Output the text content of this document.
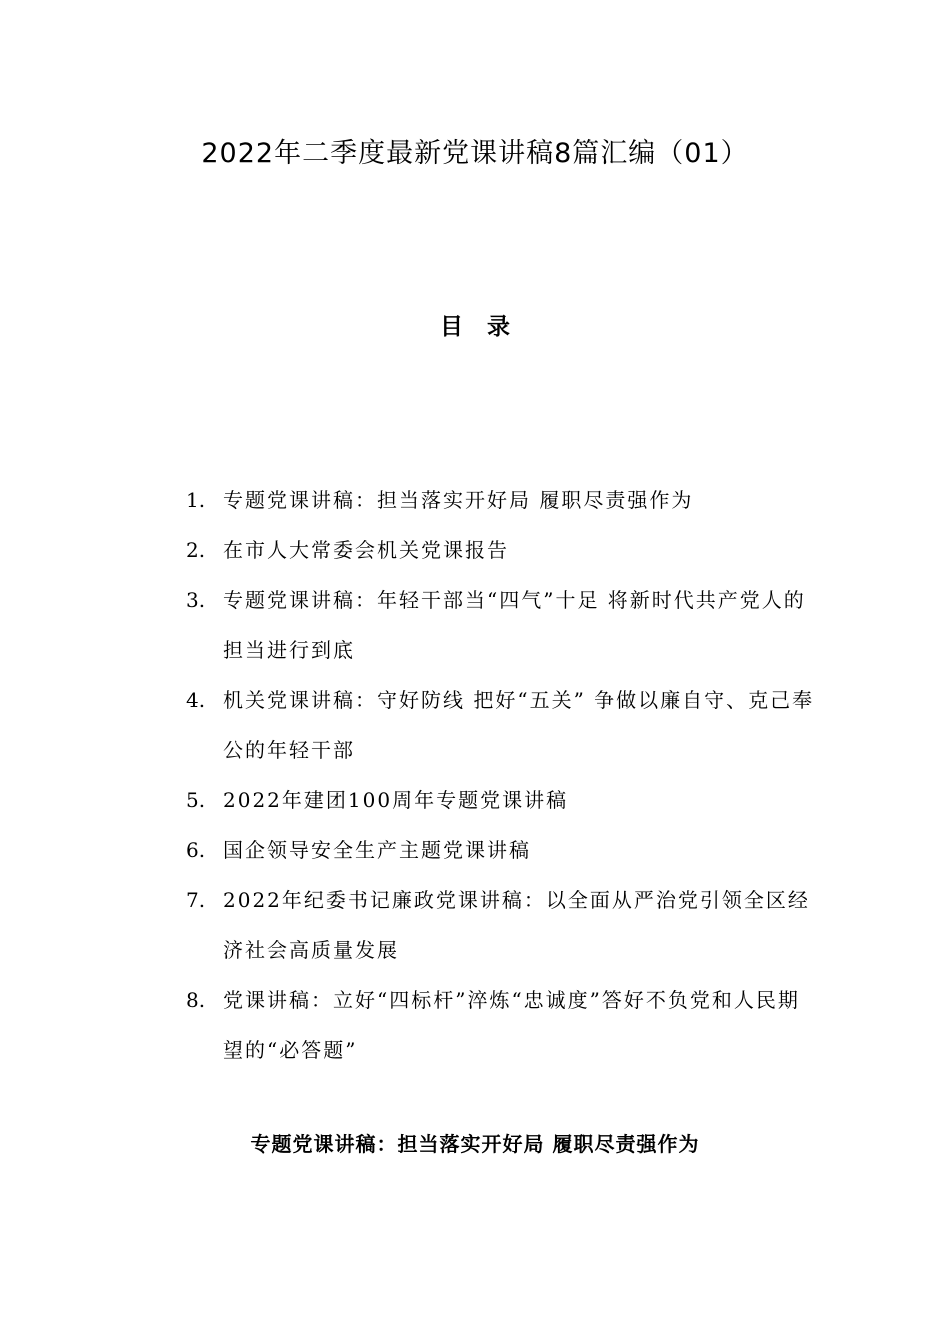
2022年二季度最新党课讲稿8篇汇编（01）
目录
1. 专题党课讲稿：担当落实开好局 履职尽责强作为
2. 在市人大常委会机关党课报告
3. 专题党课讲稿：年轻干部当“四气”十足 将新时代共产党人的担当进行到底
4. 机关党课讲稿：守好防线 把好“五关” 争做以廉自守、克己奉公的年轻干部
5. 2022年建团100周年专题党课讲稿
6. 国企领导安全生产主题党课讲稿
7. 2022年纪委书记廉政党课讲稿：以全面从严治党引领全区经济社会高质量发展
8. 党课讲稿：立好“四标杆”淬炼“忠诚度”答好不负党和人民期望的“必答题”
专题党课讲稿：担当落实开好局 履职尽责强作为
